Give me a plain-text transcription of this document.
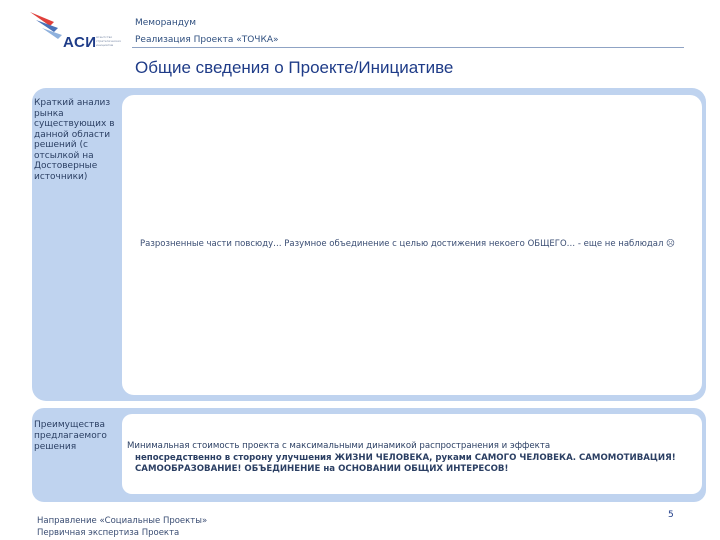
АСИ Агентство стратегических инициатив
Меморандум
Реализация Проекта «ТОЧКА»
Общие сведения о Проекте/Инициативе
Краткий анализ рынка существующих в данной области решений (с отсылкой на Достоверные источники)
Разрозненные части повсюду… Разумное объединение с целью достижения некоего ОБЩЕГО… - еще не наблюдал ☹
Преимущества предлагаемого решения	Минимальная стоимость проекта с максимальными динамикой распространения и эффекта
непосредственно в сторону улучшения ЖИЗНИ ЧЕЛОВЕКА, руками САМОГО ЧЕЛОВЕКА. САМОМОТИВАЦИЯ!
САМООБРАЗОВАНИЕ! ОБЪЕДИНЕНИЕ на ОСНОВАНИИ ОБЩИХ ИНТЕРЕСОВ!
Направление «Социальные Проекты»
Первичная экспертиза Проекта
5
